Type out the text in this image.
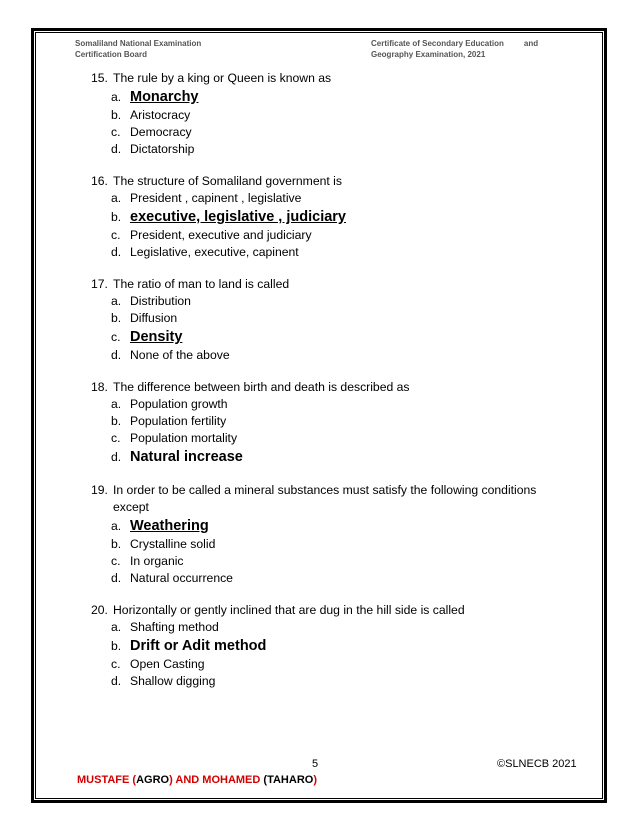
Somaliland National Examination
Certification Board
Certificate of Secondary Education	and
Geography Examination, 2021
15. The rule by a king or Queen is known as
a. Monarchy
b. Aristocracy
c. Democracy
d. Dictatorship
16. The structure of Somaliland government is
a. President , capinent , legislative
b. executive, legislative , judiciary
c. President, executive and judiciary
d. Legislative, executive, capinent
17. The ratio of man to land is called
a. Distribution
b. Diffusion
c. Density
d. None of the above
18. The difference between birth and death is described as
a. Population growth
b. Population fertility
c. Population mortality
d. Natural increase
19. In order to be called a mineral substances must satisfy the following conditions except
a. Weathering
b. Crystalline solid
c. In organic
d. Natural occurrence
20. Horizontally or gently inclined that are dug in the hill side is called
a. Shafting method
b. Drift or Adit method
c. Open Casting
d. Shallow digging
5	©SLNECB 2021
MUSTAFE (AGRO) AND MOHAMED (TAHARO)
